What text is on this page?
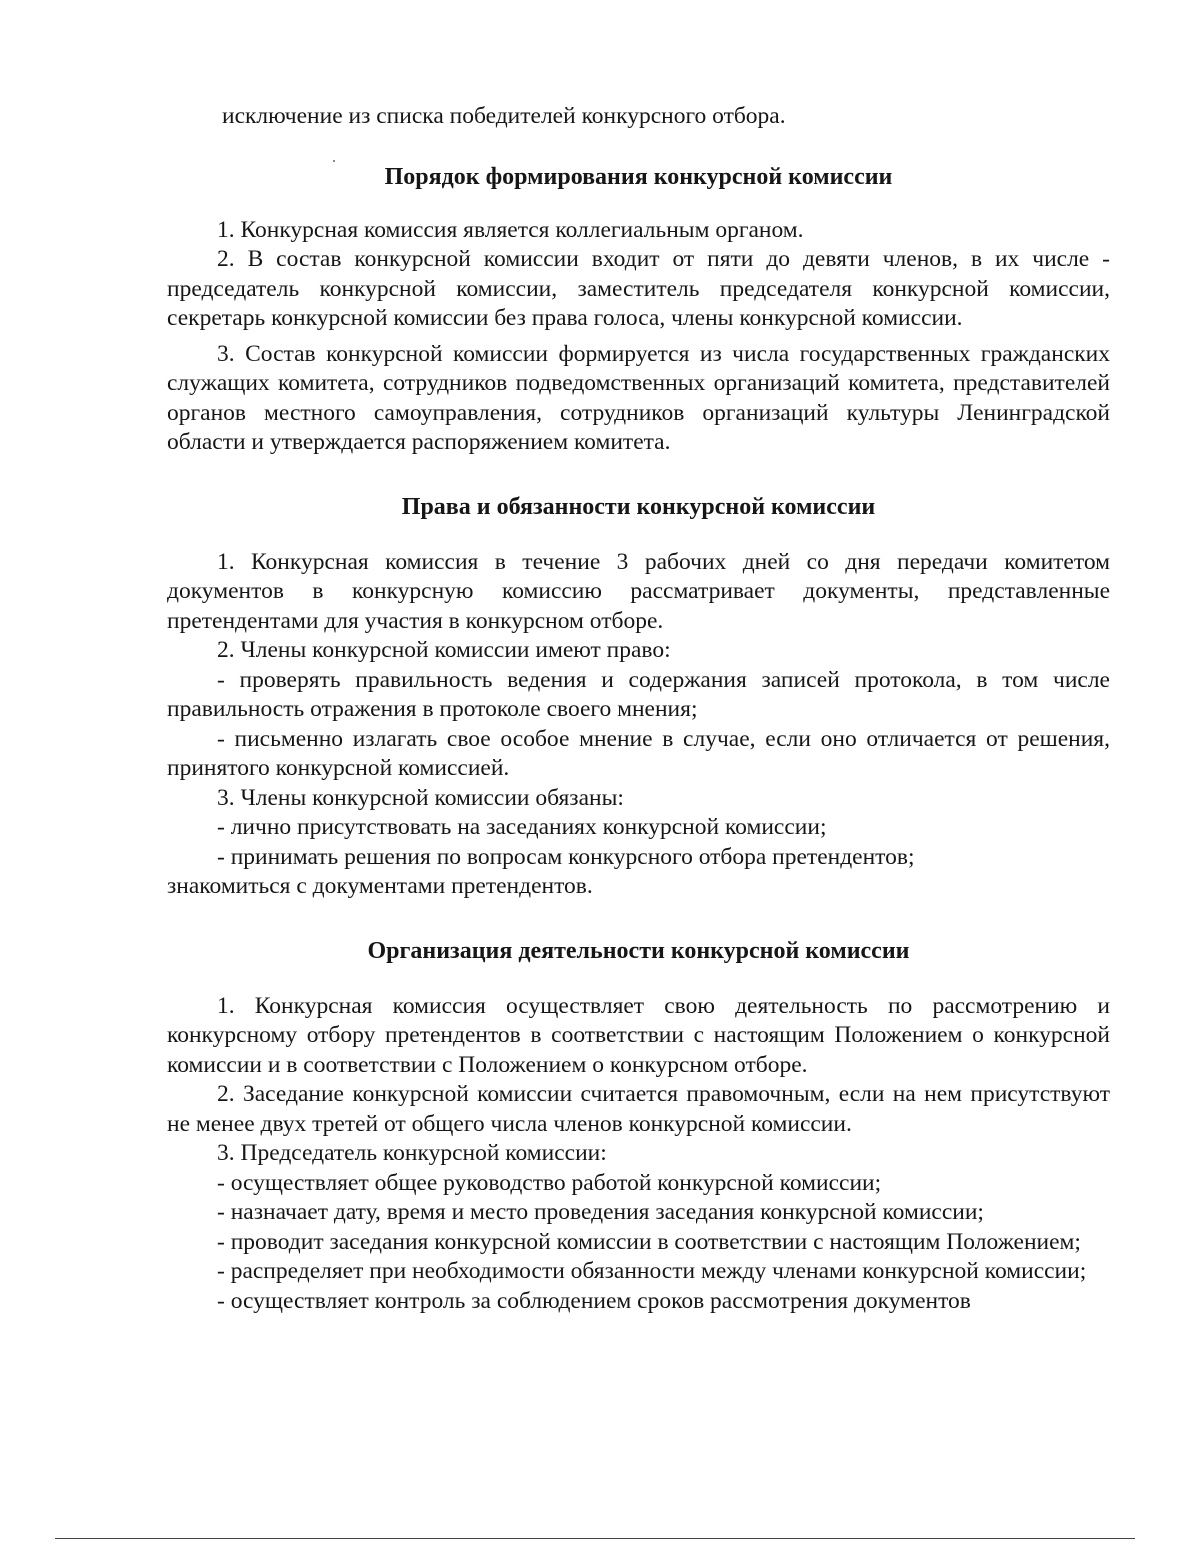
исключение из списка победителей конкурсного отбора.

Порядок формирования конкурсной комиссии

1. Конкурсная комиссия является коллегиальным органом.

2. В состав конкурсной комиссии входит от пяти до девяти членов, в их числе - председатель конкурсной комиссии, заместитель председателя конкурсной комиссии, секретарь конкурсной комиссии без права голоса, члены конкурсной комиссии.

3. Состав конкурсной комиссии формируется из числа государственных гражданских служащих комитета, сотрудников подведомственных организаций комитета, представителей органов местного самоуправления, сотрудников организаций культуры Ленинградской области и утверждается распоряжением комитета.

Права и обязанности конкурсной комиссии

1. Конкурсная комиссия в течение 3 рабочих дней со дня передачи комитетом документов в конкурсную комиссию рассматривает документы, представленные претендентами для участия в конкурсном отборе.

2. Члены конкурсной комиссии имеют право:

- проверять правильность ведения и содержания записей протокола, в том числе правильность отражения в протоколе своего мнения;

- письменно излагать свое особое мнение в случае, если оно отличается от решения, принятого конкурсной комиссией.

3. Члены конкурсной комиссии обязаны:

- лично присутствовать на заседаниях конкурсной комиссии;

- принимать решения по вопросам конкурсного отбора претендентов;

знакомиться с документами претендентов.

Организация деятельности конкурсной комиссии

1. Конкурсная комиссия осуществляет свою деятельность по рассмотрению и конкурсному отбору претендентов в соответствии с настоящим Положением о конкурсной комиссии и в соответствии с Положением о конкурсном отборе.

2. Заседание конкурсной комиссии считается правомочным, если на нем присутствуют не менее двух третей от общего числа членов конкурсной комиссии.

3. Председатель конкурсной комиссии:

- осуществляет общее руководство работой конкурсной комиссии;

- назначает дату, время и место проведения заседания конкурсной комиссии;

- проводит заседания конкурсной комиссии в соответствии с настоящим Положением;

- распределяет при необходимости обязанности между членами конкурсной комиссии;

- осуществляет контроль за соблюдением сроков рассмотрения документов
